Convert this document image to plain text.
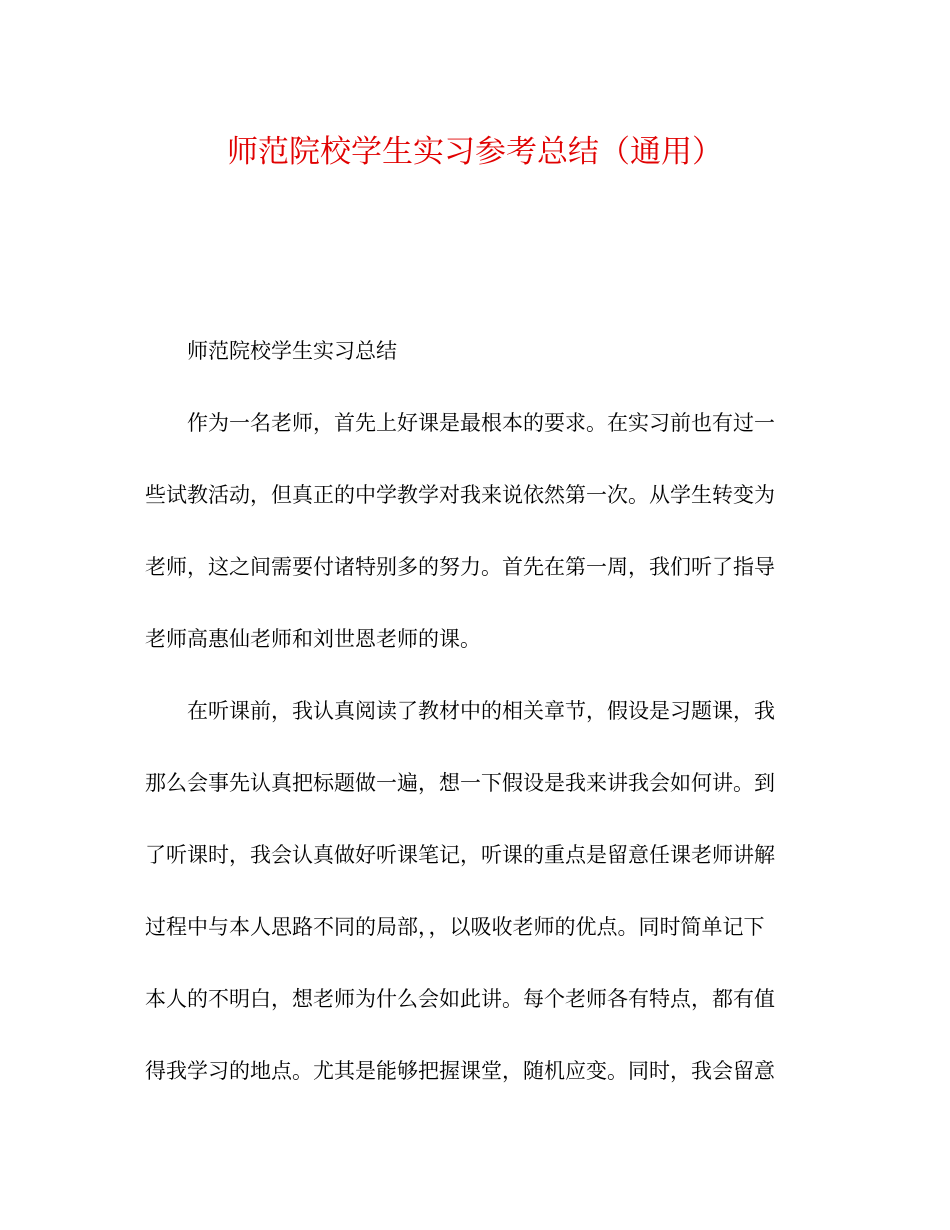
师范院校学生实习参考总结（通用）
师范院校学生实习总结
作为一名老师，首先上好课是最根本的要求。在实习前也有过一
些试教活动，但真正的中学教学对我来说依然第一次。从学生转变为
老师，这之间需要付诸特别多的努力。首先在第一周，我们听了指导
老师高惠仙老师和刘世恩老师的课。
在听课前，我认真阅读了教材中的相关章节，假设是习题课，我
那么会事先认真把标题做一遍，想一下假设是我来讲我会如何讲。到
了听课时，我会认真做好听课笔记，听课的重点是留意任课老师讲解
过程中与本人思路不同的局部，，以吸收老师的优点。同时简单记下
本人的不明白，想老师为什么会如此讲。每个老师各有特点，都有值
得我学习的地点。尤其是能够把握课堂，随机应变。同时，我会留意
